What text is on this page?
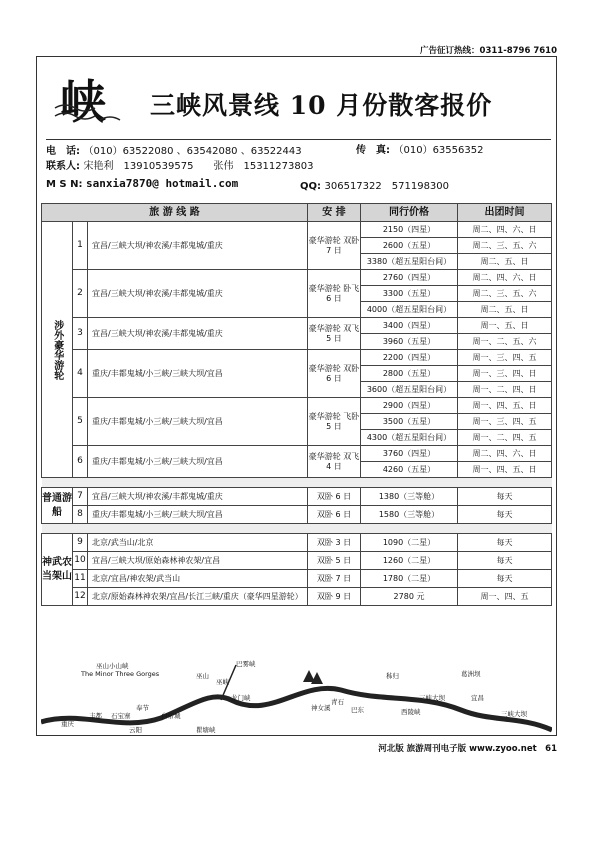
广告征订热线：0311-8796 7610
峡 三峡风景线 10 月份散客报价
电　话: （010）63522080 、63542080 、63522443	传　真: （010）63556352
联系人: 宋艳利　13910539575　　张伟　15311273803
M S N: sanxia7870@ hotmail.com	QQ: 306517322　571198300
旅 游 线 路			安 排	同行价格	出团时间
涉外豪华游轮	1	宜昌/三峡大坝/神农溪/丰都鬼城/重庆	豪华游轮 双卧 7 日	2150（四星）	周二、四、六、日
				2600（五星）	周二、三、五、六
				3380（超五星阳台间）	周二、五、日
	2	宜昌/三峡大坝/神农溪/丰都鬼城/重庆	豪华游轮 卧飞 6 日	2760（四星）	周二、四、六、日
				3300（五星）	周二、三、五、六
				4000（超五星阳台间）	周二、五、日
	3	宜昌/三峡大坝/神农溪/丰都鬼城/重庆	豪华游轮 双飞 5 日	3400（四星）	周一、五、日
				3960（五星）	周一、二、五、六
	4	重庆/丰都鬼城/小三峡/三峡大坝/宜昌	豪华游轮 双卧 6 日	2200（四星）	周一、三、四、五
				2800（五星）	周一、三、四、日
				3600（超五星阳台间）	周一、二、四、日
	5	重庆/丰都鬼城/小三峡/三峡大坝/宜昌	豪华游轮 飞卧 5 日	2900（四星）	周一、四、五、日
				3500（五星）	周一、三、四、五
				4300（超五星阳台间）	周一、二、四、五
	6	重庆/丰都鬼城/小三峡/三峡大坝/宜昌	豪华游轮 双飞 4 日	3760（四星）	周二、四、六、日
				4260（五星）	周一、四、五、日

普通游船	7	宜昌/三峡大坝/神农溪/丰都鬼城/重庆	双卧 6 日	1380（三等舱）	每天
	8	重庆/丰都鬼城/小三峡/三峡大坝/宜昌	双卧 6 日	1580（三等舱）	每天

神武农当架山	9	北京/武当山/北京	双卧 3 日	1090（二星）	每天
	10	宜昌/三峡大坝/原始森林神农架/宜昌	双卧 5 日	1260（二星）	每天
	11	北京/宜昌/神农架/武当山	双卧 7 日	1780（二星）	每天
	12	北京/原始森林神农架/宜昌/长江三峡/重庆（豪华四星游轮）	双卧 9 日	2780 元	周一、四、五
巫山小山峡
The Minor Three Gorges
丰都 石宝寨
奉节
白帝城
云阳	瞿塘峡
巫山
巫峡
龙门峡
巴雾峡
神女溪
青石
巴东	西陵峡
秭归
三峡大坝
葛洲坝
宜昌
三峡大坝
重庆
河北版 旅游周刊电子版 www.zyoo.net　61
